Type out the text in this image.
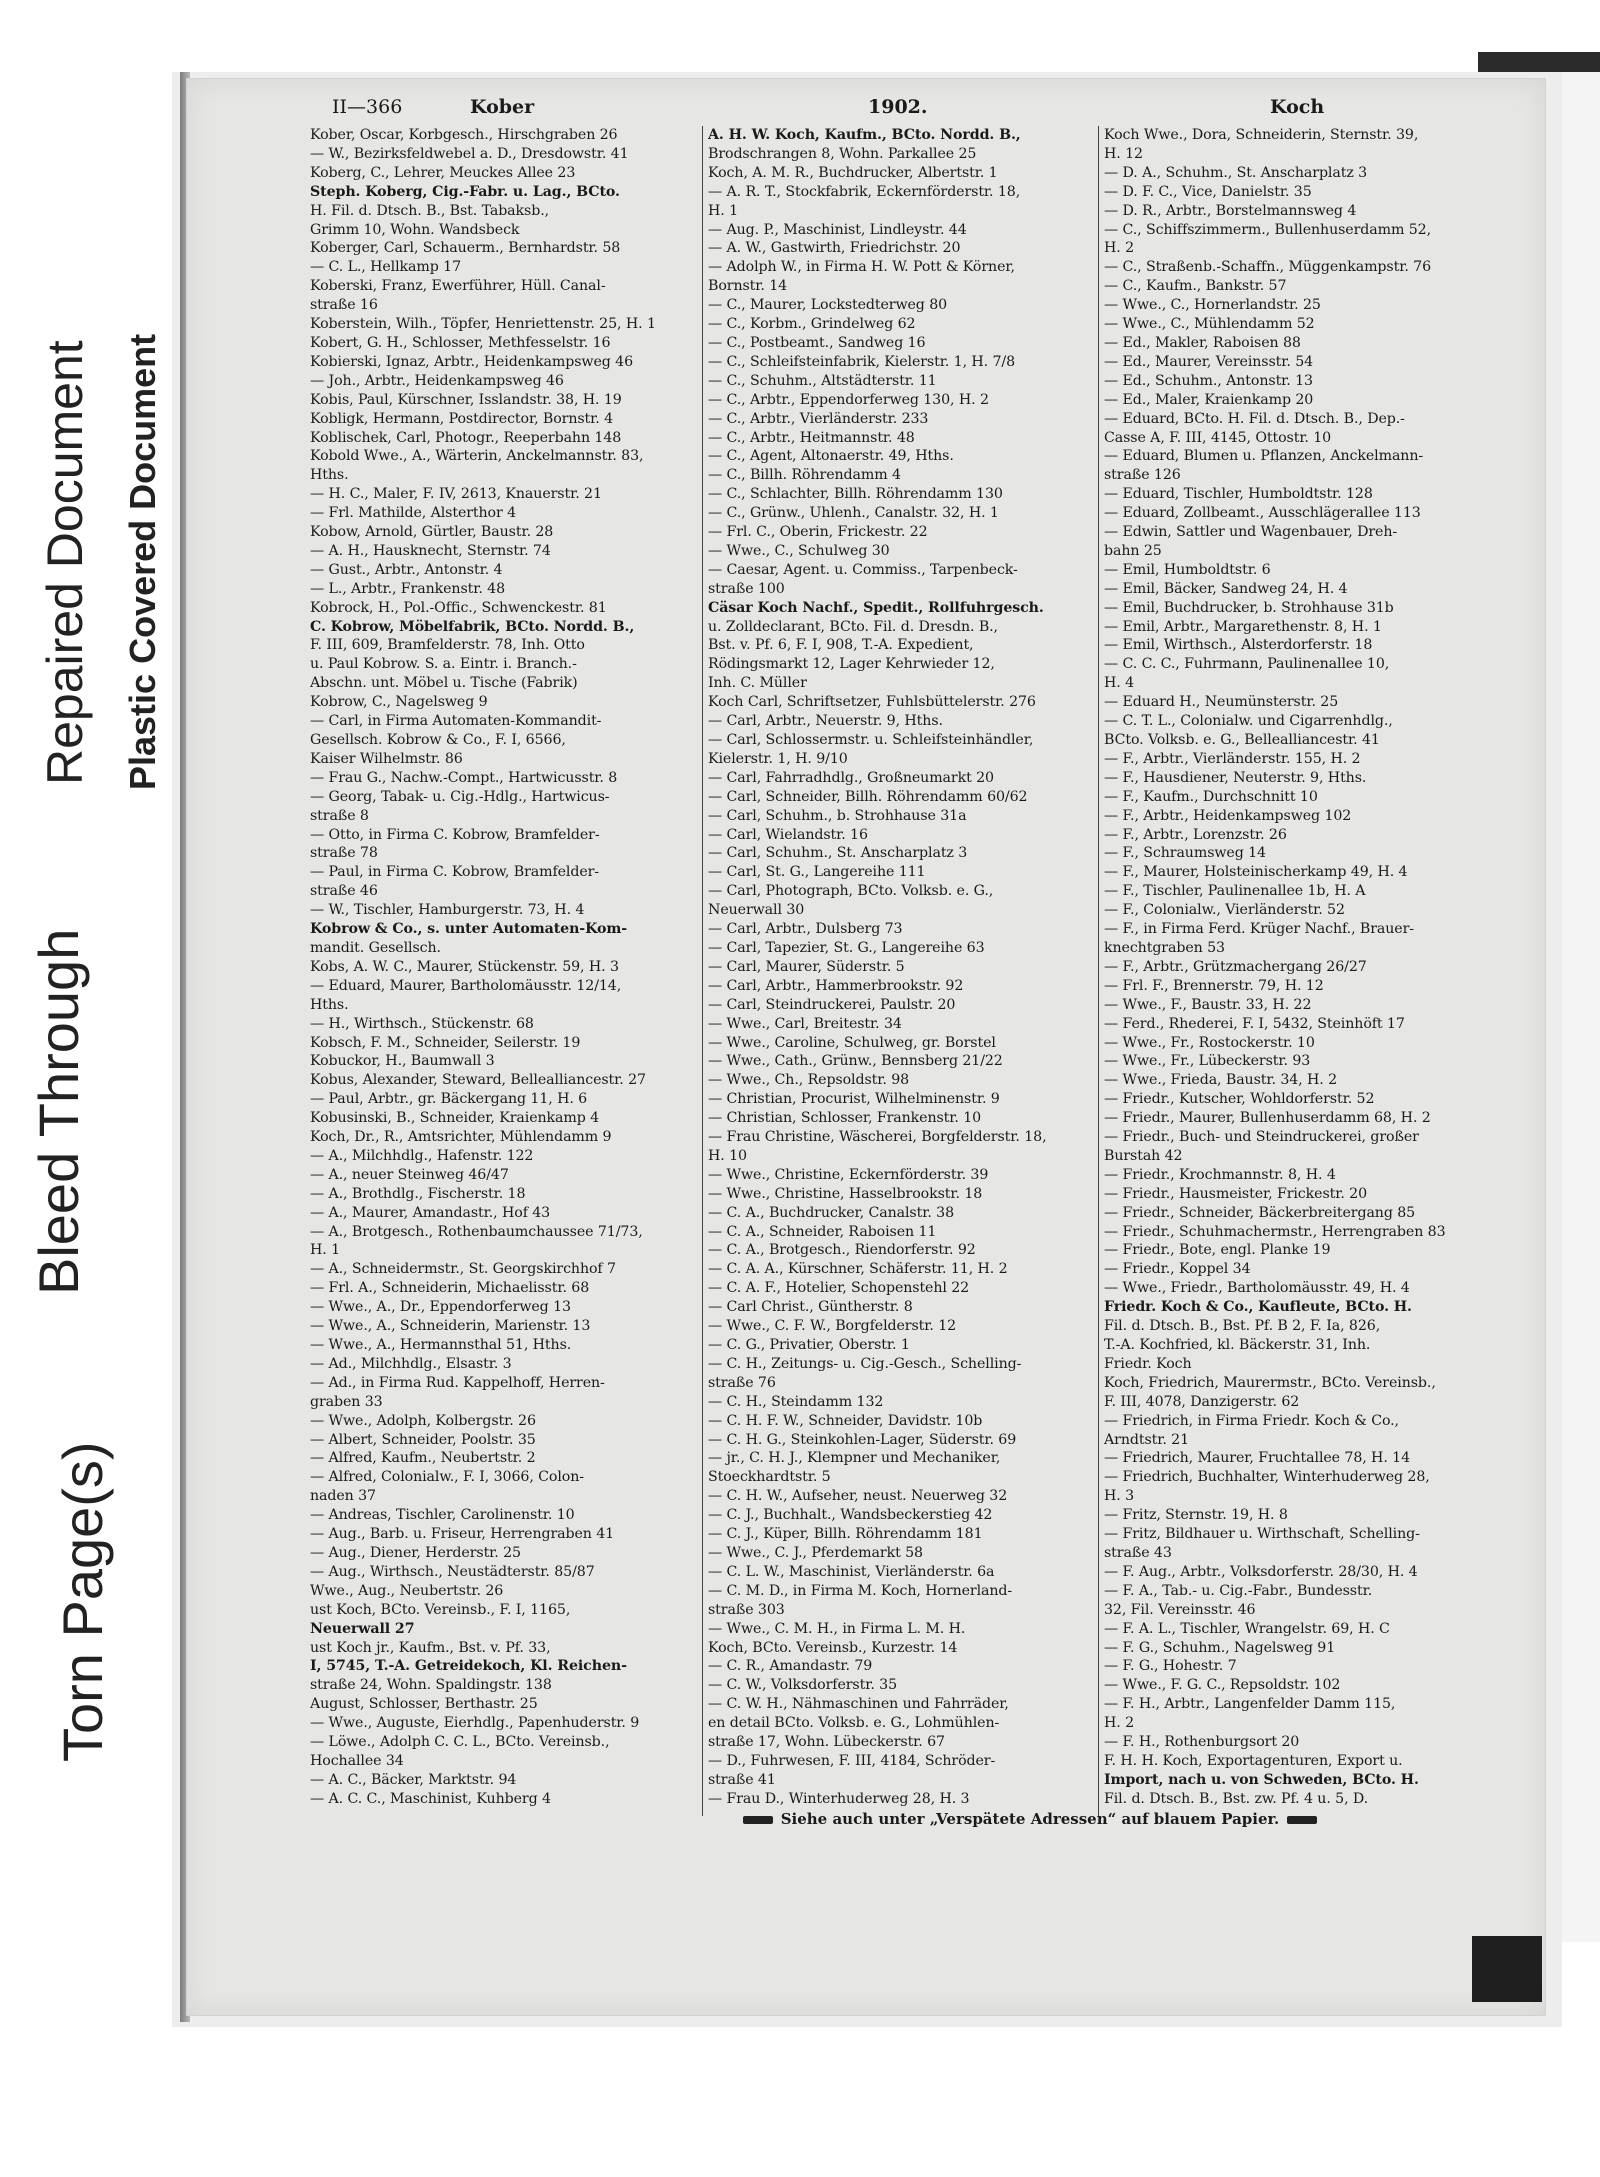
Torn Page(s)
Bleed Through
Repaired Document Plastic Covered Document
II—366	Kober	1902.	Koch
Kober, Oscar, Korbgesch., Hirschgraben 26
— W., Bezirksfeldwebel a. D., Dresdowstr. 41
Koberg, C., Lehrer, Meuckes Allee 23
Steph. Koberg, Cig.-Fabr. u. Lag., BCto.
H. Fil. d. Dtsch. B., Bst. Tabaksb.,
Grimm 10, Wohn. Wandsbeck
Koberger, Carl, Schauerm., Bernhardstr. 58
— C. L., Hellkamp 17
Koberski, Franz, Ewerführer, Hüll. Canal-
straße 16
Koberstein, Wilh., Töpfer, Henriettenstr. 25, H. 1
Kobert, G. H., Schlosser, Methfesselstr. 16
Kobierski, Ignaz, Arbtr., Heidenkampsweg 46
— Joh., Arbtr., Heidenkampsweg 46
Kobis, Paul, Kürschner, Isslandstr. 38, H. 19
Kobligk, Hermann, Postdirector, Bornstr. 4
Koblischek, Carl, Photogr., Reeperbahn 148
Kobold Wwe., A., Wärterin, Anckelmannstr. 83,
Hths.
— H. C., Maler, F. IV, 2613, Knauerstr. 21
— Frl. Mathilde, Alsterthor 4
Kobow, Arnold, Gürtler, Baustr. 28
— A. H., Hausknecht, Sternstr. 74
— Gust., Arbtr., Antonstr. 4
— L., Arbtr., Frankenstr. 48
Kobrock, H., Pol.-Offic., Schwenckestr. 81
C. Kobrow, Möbelfabrik, BCto. Nordd. B.,
F. III, 609, Bramfelderstr. 78, Inh. Otto
u. Paul Kobrow. S. a. Eintr. i. Branch.-
Abschn. unt. Möbel u. Tische (Fabrik)
Kobrow, C., Nagelsweg 9
— Carl, in Firma Automaten-Kommandit-
Gesellsch. Kobrow & Co., F. I, 6566,
Kaiser Wilhelmstr. 86
— Frau G., Nachw.-Compt., Hartwicusstr. 8
— Georg, Tabak- u. Cig.-Hdlg., Hartwicus-
straße 8
— Otto, in Firma C. Kobrow, Bramfelder-
straße 78
— Paul, in Firma C. Kobrow, Bramfelder-
straße 46
— W., Tischler, Hamburgerstr. 73, H. 4
Kobrow & Co., s. unter Automaten-Kom-
mandit. Gesellsch.
Kobs, A. W. C., Maurer, Stückenstr. 59, H. 3
— Eduard, Maurer, Bartholomäusstr. 12/14,
Hths.
— H., Wirthsch., Stückenstr. 68
Kobsch, F. M., Schneider, Seilerstr. 19
Kobuckor, H., Baumwall 3
Kobus, Alexander, Steward, Bellealliancestr. 27
— Paul, Arbtr., gr. Bäckergang 11, H. 6
Kobusinski, B., Schneider, Kraienkamp 4
Koch, Dr., R., Amtsrichter, Mühlendamm 9
— A., Milchhdlg., Hafenstr. 122
— A., neuer Steinweg 46/47
— A., Brothdlg., Fischerstr. 18
— A., Maurer, Amandastr., Hof 43
— A., Brotgesch., Rothenbaumchaussee 71/73,
H. 1
— A., Schneidermstr., St. Georgskirchhof 7
— Frl. A., Schneiderin, Michaelisstr. 68
— Wwe., A., Dr., Eppendorferweg 13
— Wwe., A., Schneiderin, Marienstr. 13
— Wwe., A., Hermannsthal 51, Hths.
— Ad., Milchhdlg., Elsastr. 3
— Ad., in Firma Rud. Kappelhoff, Herren-
graben 33
— Wwe., Adolph, Kolbergstr. 26
— Albert, Schneider, Poolstr. 35
— Alfred, Kaufm., Neubertstr. 2
— Alfred, Colonialw., F. I, 3066, Colon-
naden 37
— Andreas, Tischler, Carolinenstr. 10
— Aug., Barb. u. Friseur, Herrengraben 41
— Aug., Diener, Herderstr. 25
— Aug., Wirthsch., Neustädterstr. 85/87
Wwe., Aug., Neubertstr. 26
ust Koch, BCto. Vereinsb., F. I, 1165,
Neuerwall 27
ust Koch jr., Kaufm., Bst. v. Pf. 33,
I, 5745, T.-A. Getreidekoch, Kl. Reichen-
straße 24, Wohn. Spaldingstr. 138
August, Schlosser, Berthastr. 25
— Wwe., Auguste, Eierhdlg., Papenhuderstr. 9
— Löwe., Adolph C. C. L., BCto. Vereinsb.,
Hochallee 34
— A. C., Bäcker, Marktstr. 94
— A. C. C., Maschinist, Kuhberg 4
A. H. W. Koch, Kaufm., BCto. Nordd. B.,
Brodschrangen 8, Wohn. Parkallee 25
Koch, A. M. R., Buchdrucker, Albertstr. 1
— A. R. T., Stockfabrik, Eckernförderstr. 18,
H. 1
— Aug. P., Maschinist, Lindleystr. 44
— A. W., Gastwirth, Friedrichstr. 20
— Adolph W., in Firma H. W. Pott & Körner,
Bornstr. 14
— C., Maurer, Lockstedterweg 80
— C., Korbm., Grindelweg 62
— C., Postbeamt., Sandweg 16
— C., Schleifsteinfabrik, Kielerstr. 1, H. 7/8
— C., Schuhm., Altstädterstr. 11
— C., Arbtr., Eppendorferweg 130, H. 2
— C., Arbtr., Vierländerstr. 233
— C., Arbtr., Heitmannstr. 48
— C., Agent, Altonaerstr. 49, Hths.
— C., Billh. Röhrendamm 4
— C., Schlachter, Billh. Röhrendamm 130
— C., Grünw., Uhlenh., Canalstr. 32, H. 1
— Frl. C., Oberin, Frickestr. 22
— Wwe., C., Schulweg 30
— Caesar, Agent. u. Commiss., Tarpenbeck-
straße 100
Cäsar Koch Nachf., Spedit., Rollfuhrgesch.
u. Zolldeclarant, BCto. Fil. d. Dresdn. B.,
Bst. v. Pf. 6, F. I, 908, T.-A. Expedient,
Rödingsmarkt 12, Lager Kehrwieder 12,
Inh. C. Müller
Koch Carl, Schriftsetzer, Fuhlsbüttelerstr. 276
— Carl, Arbtr., Neuerstr. 9, Hths.
— Carl, Schlossermstr. u. Schleifsteinhändler,
Kielerstr. 1, H. 9/10
— Carl, Fahrradhdlg., Großneumarkt 20
— Carl, Schneider, Billh. Röhrendamm 60/62
— Carl, Schuhm., b. Strohhause 31a
— Carl, Wielandstr. 16
— Carl, Schuhm., St. Anscharplatz 3
— Carl, St. G., Langereihe 111
— Carl, Photograph, BCto. Volksb. e. G.,
Neuerwall 30
— Carl, Arbtr., Dulsberg 73
— Carl, Tapezier, St. G., Langereihe 63
— Carl, Maurer, Süderstr. 5
— Carl, Arbtr., Hammerbrookstr. 92
— Carl, Steindruckerei, Paulstr. 20
— Wwe., Carl, Breitestr. 34
— Wwe., Caroline, Schulweg, gr. Borstel
— Wwe., Cath., Grünw., Bennsberg 21/22
— Wwe., Ch., Repsoldstr. 98
— Christian, Procurist, Wilhelminenstr. 9
— Christian, Schlosser, Frankenstr. 10
— Frau Christine, Wäscherei, Borgfelderstr. 18,
H. 10
— Wwe., Christine, Eckernförderstr. 39
— Wwe., Christine, Hasselbrookstr. 18
— C. A., Buchdrucker, Canalstr. 38
— C. A., Schneider, Raboisen 11
— C. A., Brotgesch., Riendorferstr. 92
— C. A. A., Kürschner, Schäferstr. 11, H. 2
— C. A. F., Hotelier, Schopenstehl 22
— Carl Christ., Güntherstr. 8
— Wwe., C. F. W., Borgfelderstr. 12
— C. G., Privatier, Oberstr. 1
— C. H., Zeitungs- u. Cig.-Gesch., Schelling-
straße 76
— C. H., Steindamm 132
— C. H. F. W., Schneider, Davidstr. 10b
— C. H. G., Steinkohlen-Lager, Süderstr. 69
— jr., C. H. J., Klempner und Mechaniker,
Stoeckhardtstr. 5
— C. H. W., Aufseher, neust. Neuerweg 32
— C. J., Buchhalt., Wandsbeckerstieg 42
— C. J., Küper, Billh. Röhrendamm 181
— Wwe., C. J., Pferdemarkt 58
— C. L. W., Maschinist, Vierländerstr. 6a
— C. M. D., in Firma M. Koch, Hornerland-
straße 303
— Wwe., C. M. H., in Firma L. M. H.
Koch, BCto. Vereinsb., Kurzestr. 14
— C. R., Amandastr. 79
— C. W., Volksdorferstr. 35
— C. W. H., Nähmaschinen und Fahrräder,
en detail BCto. Volksb. e. G., Lohmühlen-
straße 17, Wohn. Lübeckerstr. 67
— D., Fuhrwesen, F. III, 4184, Schröder-
straße 41
— Frau D., Winterhuderweg 28, H. 3
Koch Wwe., Dora, Schneiderin, Sternstr. 39,
H. 12
— D. A., Schuhm., St. Anscharplatz 3
— D. F. C., Vice, Danielstr. 35
— D. R., Arbtr., Borstelmannsweg 4
— C., Schiffszimmerm., Bullenhuserdamm 52,
H. 2
— C., Straßenb.-Schaffn., Müggenkampstr. 76
— C., Kaufm., Bankstr. 57
— Wwe., C., Hornerlandstr. 25
— Wwe., C., Mühlendamm 52
— Ed., Makler, Raboisen 88
— Ed., Maurer, Vereinsstr. 54
— Ed., Schuhm., Antonstr. 13
— Ed., Maler, Kraienkamp 20
— Eduard, BCto. H. Fil. d. Dtsch. B., Dep.-
Casse A, F. III, 4145, Ottostr. 10
— Eduard, Blumen u. Pflanzen, Anckelmann-
straße 126
— Eduard, Tischler, Humboldtstr. 128
— Eduard, Zollbeamt., Ausschlägerallee 113
— Edwin, Sattler und Wagenbauer, Dreh-
bahn 25
— Emil, Humboldtstr. 6
— Emil, Bäcker, Sandweg 24, H. 4
— Emil, Buchdrucker, b. Strohhause 31b
— Emil, Arbtr., Margarethenstr. 8, H. 1
— Emil, Wirthsch., Alsterdorferstr. 18
— C. C. C., Fuhrmann, Paulinenallee 10,
H. 4
— Eduard H., Neumünsterstr. 25
— C. T. L., Colonialw. und Cigarrenhdlg.,
BCto. Volksb. e. G., Bellealliancestr. 41
— F., Arbtr., Vierländerstr. 155, H. 2
— F., Hausdiener, Neuterstr. 9, Hths.
— F., Kaufm., Durchschnitt 10
— F., Arbtr., Heidenkampsweg 102
— F., Arbtr., Lorenzstr. 26
— F., Schraumsweg 14
— F., Maurer, Holsteinischerkamp 49, H. 4
— F., Tischler, Paulinenallee 1b, H. A
— F., Colonialw., Vierländerstr. 52
— F., in Firma Ferd. Krüger Nachf., Brauer-
knechtgraben 53
— F., Arbtr., Grützmachergang 26/27
— Frl. F., Brennerstr. 79, H. 12
— Wwe., F., Baustr. 33, H. 22
— Ferd., Rhederei, F. I, 5432, Steinhöft 17
— Wwe., Fr., Rostockerstr. 10
— Wwe., Fr., Lübeckerstr. 93
— Wwe., Frieda, Baustr. 34, H. 2
— Friedr., Kutscher, Wohldorferstr. 52
— Friedr., Maurer, Bullenhuserdamm 68, H. 2
— Friedr., Buch- und Steindruckerei, großer
Burstah 42
— Friedr., Krochmannstr. 8, H. 4
— Friedr., Hausmeister, Frickestr. 20
— Friedr., Schneider, Bäckerbreitergang 85
— Friedr., Schuhmachermstr., Herrengraben 83
— Friedr., Bote, engl. Planke 19
— Friedr., Koppel 34
— Wwe., Friedr., Bartholomäusstr. 49, H. 4
Friedr. Koch & Co., Kaufleute, BCto. H.
Fil. d. Dtsch. B., Bst. Pf. B 2, F. Ia, 826,
T.-A. Kochfried, kl. Bäckerstr. 31, Inh.
Friedr. Koch
Koch, Friedrich, Maurermstr., BCto. Vereinsb.,
F. III, 4078, Danzigerstr. 62
— Friedrich, in Firma Friedr. Koch & Co.,
Arndtstr. 21
— Friedrich, Maurer, Fruchtallee 78, H. 14
— Friedrich, Buchhalter, Winterhuderweg 28,
H. 3
— Fritz, Sternstr. 19, H. 8
— Fritz, Bildhauer u. Wirthschaft, Schelling-
straße 43
— F. Aug., Arbtr., Volksdorferstr. 28/30, H. 4
— F. A., Tab.- u. Cig.-Fabr., Bundesstr.
32, Fil. Vereinsstr. 46
— F. A. L., Tischler, Wrangelstr. 69, H. C
— F. G., Schuhm., Nagelsweg 91
— F. G., Hohestr. 7
— Wwe., F. G. C., Repsoldstr. 102
— F. H., Arbtr., Langenfelder Damm 115,
H. 2
— F. H., Rothenburgsort 20
F. H. H. Koch, Exportagenturen, Export u.
Import, nach u. von Schweden, BCto. H.
Fil. d. Dtsch. B., Bst. zw. Pf. 4 u. 5, D.
Siehe auch unter „Verspätete Adressen“ auf blauem Papier.
